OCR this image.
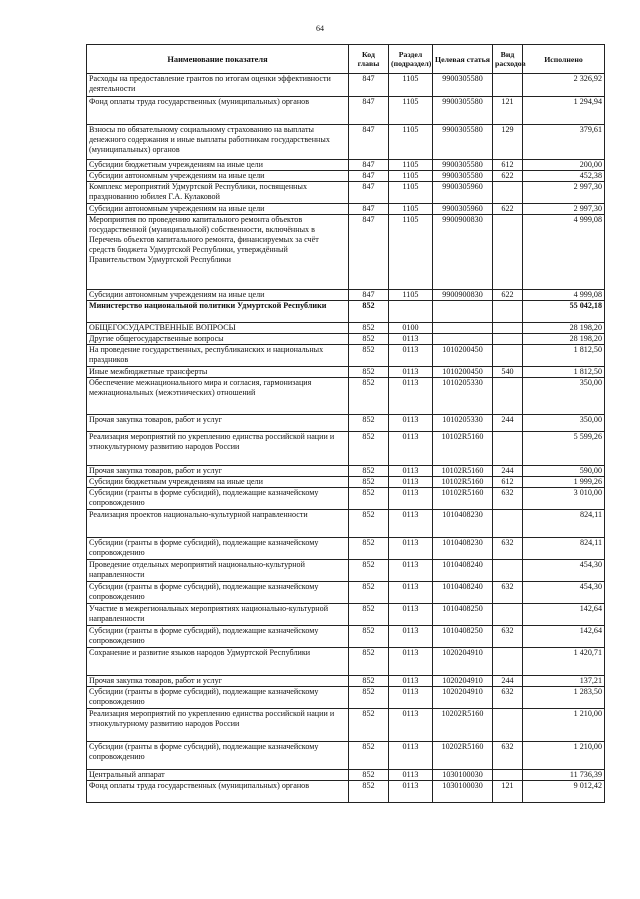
64
Наименование показателя	Код главы	Раздел (подраздел)	Целевая статья	Вид расходов	Исполнено
Расходы на предоставление грантов по итогам оценки эффективности деятельности	847	1105	9900305580		2 326,92
Фонд оплаты труда государственных (муниципальных) органов	847	1105	9900305580	121	1 294,94
Взносы по обязательному социальному страхованию на выплаты денежного содержания и иные выплаты работникам государственных (муниципальных) органов	847	1105	9900305580	129	379,61
Субсидии бюджетным учреждениям на иные цели	847	1105	9900305580	612	200,00
Субсидии автономным учреждениям на иные цели	847	1105	9900305580	622	452,38
Комплекс мероприятий Удмуртской Республики, посвященных празднованию юбилея Г.А. Кулаковой	847	1105	9900305960		2 997,30
Субсидии автономным учреждениям на иные цели	847	1105	9900305960	622	2 997,30
Мероприятия по проведению капитального ремонта объектов государственной (муниципальной) собственности, включённых в Перечень объектов капитального ремонта, финансируемых за счёт средств бюджета Удмуртской Республики, утверждённый Правительством Удмуртской Республики	847	1105	9900900830		4 999,08
Субсидии автономным учреждениям на иные цели	847	1105	9900900830	622	4 999,08
Министерство национальной политики Удмуртской Республики	852				55 042,18
ОБЩЕГОСУДАРСТВЕННЫЕ ВОПРОСЫ	852	0100			28 198,20
Другие общегосударственные вопросы	852	0113			28 198,20
На проведение государственных, республиканских и национальных праздников	852	0113	1010200450		1 812,50
Иные межбюджетные трансферты	852	0113	1010200450	540	1 812,50
Обеспечение межнационального мира и согласия, гармонизация межнациональных (межэтнических) отношений	852	0113	1010205330		350,00
Прочая закупка товаров, работ и услуг	852	0113	1010205330	244	350,00
Реализация мероприятий по укреплению единства российской нации и этнокультурному развитию народов России	852	0113	10102R5160		5 599,26
Прочая закупка товаров, работ и услуг	852	0113	10102R5160	244	590,00
Субсидии бюджетным учреждениям на иные цели	852	0113	10102R5160	612	1 999,26
Субсидии (гранты в форме субсидий), подлежащие казначейскому сопровождению	852	0113	10102R5160	632	3 010,00
Реализация проектов национально-культурной направленности	852	0113	1010408230		824,11
Субсидии (гранты в форме субсидий), подлежащие казначейскому сопровождению	852	0113	1010408230	632	824,11
Проведение отдельных мероприятий национально-культурной направленности	852	0113	1010408240		454,30
Субсидии (гранты в форме субсидий), подлежащие казначейскому сопровождению	852	0113	1010408240	632	454,30
Участие в межрегиональных мероприятиях национально-культурной направленности	852	0113	1010408250		142,64
Субсидии (гранты в форме субсидий), подлежащие казначейскому сопровождению	852	0113	1010408250	632	142,64
Сохранение и развитие языков народов Удмуртской Республики	852	0113	1020204910		1 420,71
Прочая закупка товаров, работ и услуг	852	0113	1020204910	244	137,21
Субсидии (гранты в форме субсидий), подлежащие казначейскому сопровождению	852	0113	1020204910	632	1 283,50
Реализация мероприятий по укреплению единства российской нации и этнокультурному развитию народов России	852	0113	10202R5160		1 210,00
Субсидии (гранты в форме субсидий), подлежащие казначейскому сопровождению	852	0113	10202R5160	632	1 210,00
Центральный аппарат	852	0113	1030100030		11 736,39
Фонд оплаты труда государственных (муниципальных) органов	852	0113	1030100030	121	9 012,42
